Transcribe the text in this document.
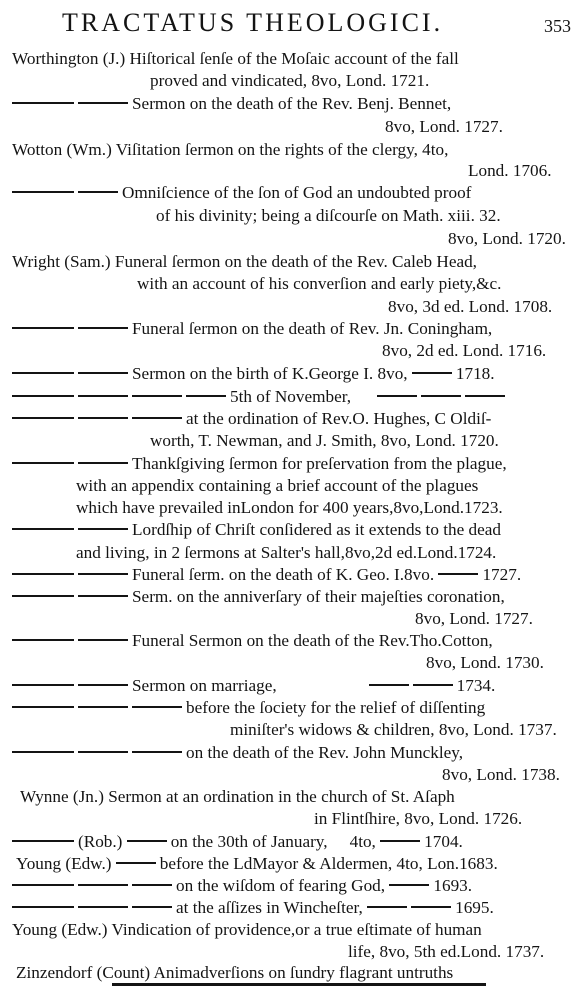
TRACTATUS THEOLOGICI.	353
Worthington (J.) Hiſtorical ſenſe of the Moſaic account of the fall
proved and vindicated, 8vo, Lond. 1721.
Sermon on the death of the Rev. Benj. Bennet,
8vo, Lond. 1727.
Wotton (Wm.) Viſitation ſermon on the rights of the clergy, 4to,
Lond. 1706.
Omniſcience of the ſon of God an undoubted proof
of his divinity; being a diſcourſe on Math. xiii. 32.
8vo, Lond. 1720.
Wright (Sam.) Funeral ſermon on the death of the Rev. Caleb Head,
with an account of his converſion and early piety,&c.
8vo, 3d ed. Lond. 1708.
Funeral ſermon on the death of Rev. Jn. Coningham,
8vo, 2d ed. Lond. 1716.
Sermon on the birth of K.George I. 8vo,	1718.
5th of November,
at the ordination of Rev.O. Hughes, C Oldiſ-
worth, T. Newman, and J. Smith, 8vo, Lond. 1720.
Thankſgiving ſermon for preſervation from the plague,
with an appendix containing a brief account of the plagues
which have prevailed inLondon for 400 years,8vo,Lond.1723.
Lordſhip of Chriſt conſidered as it extends to the dead
and living, in 2 ſermons at Salter's hall,8vo,2d ed.Lond.1724.
Funeral ſerm. on the death of K. Geo. I.8vo.	1727.
Serm. on the anniverſary of their majeſties coronation,
8vo, Lond. 1727.
Funeral Sermon on the death of the Rev.Tho.Cotton,
8vo, Lond. 1730.
Sermon on marriage,	1734.
before the ſociety for the relief of diſſenting
miniſter's widows & children, 8vo, Lond. 1737.
on the death of the Rev. John Munckley,
8vo, Lond. 1738.
Wynne (Jn.) Sermon at an ordination in the church of St. Aſaph
in Flintſhire, 8vo, Lond. 1726.
(Rob.)	on the 30th of January, 4to,	1704.
Young (Edw.)	before the LdMayor & Aldermen, 4to, Lon.1683.
on the wiſdom of fearing God,	1693.
at the aſſizes in Wincheſter,	1695.
Young (Edw.) Vindication of providence,or a true eſtimate of human
life, 8vo, 5th ed.Lond. 1737.
Zinzendorf (Count) Animadverſions on ſundry flagrant untruths
